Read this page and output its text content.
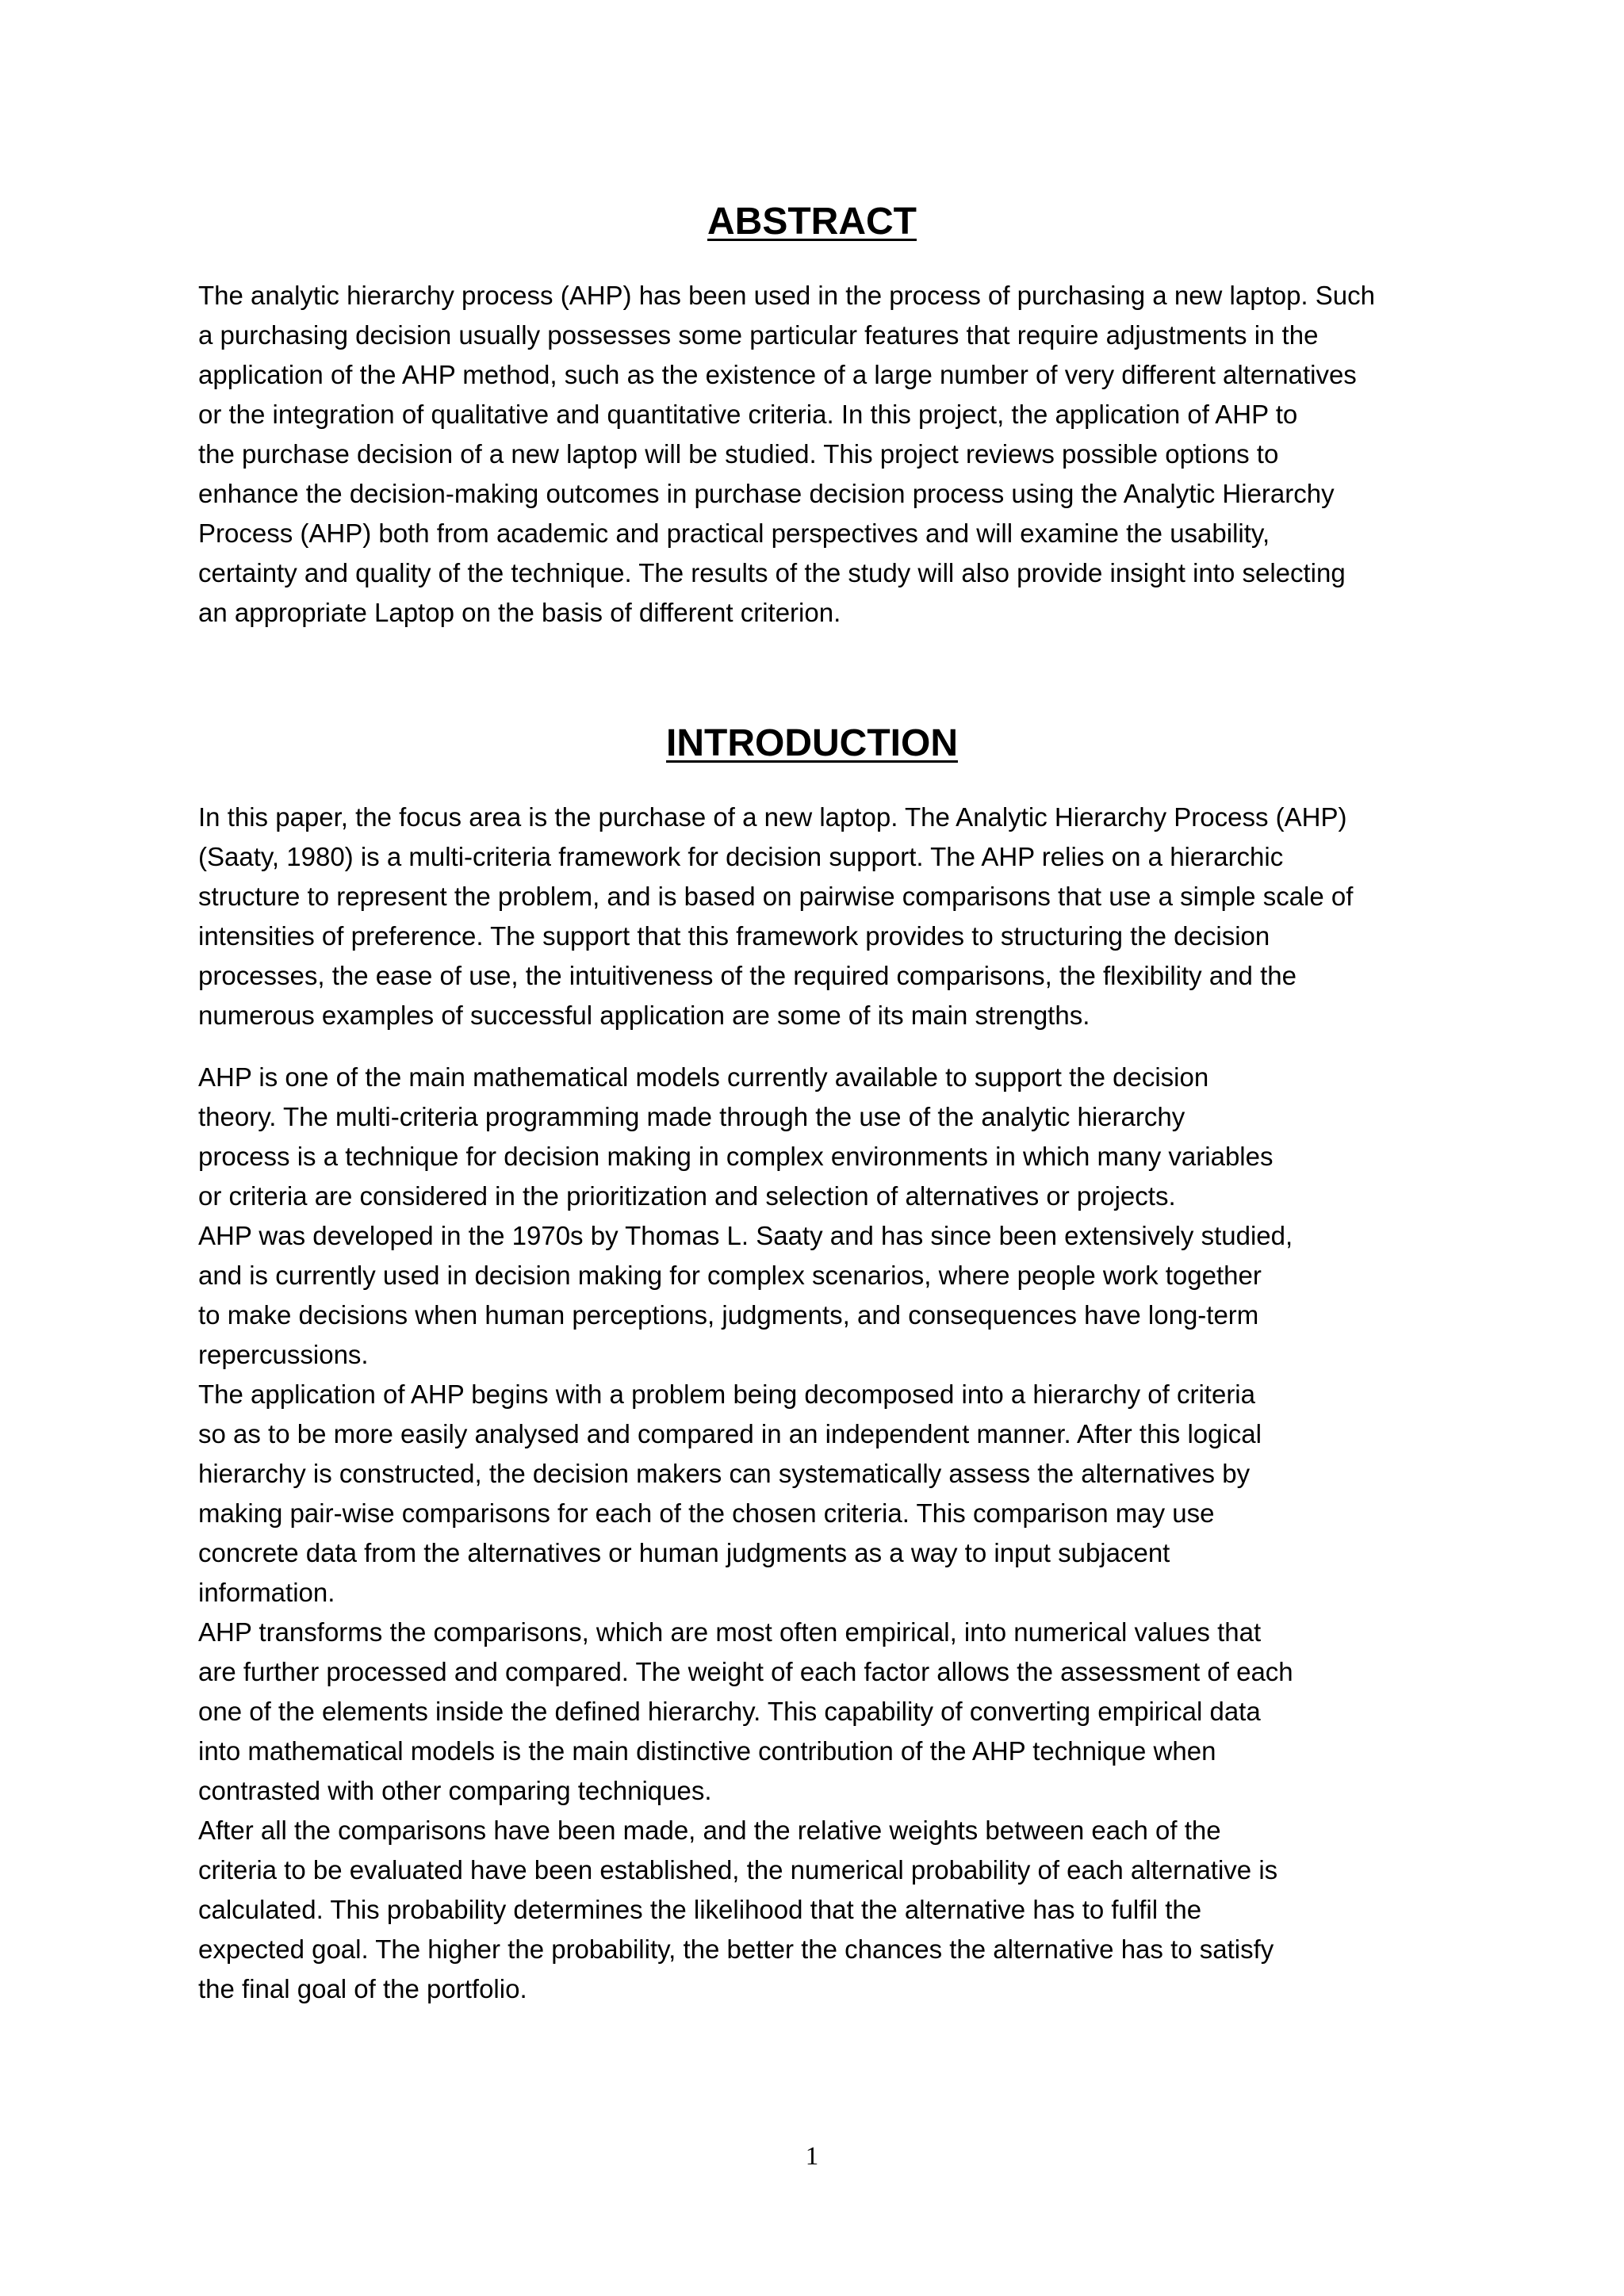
ABSTRACT
The analytic hierarchy process (AHP) has been used in the process of purchasing a new laptop. Such
a purchasing decision usually possesses some particular features that require adjustments in the
application of the AHP method, such as the existence of a large number of very different alternatives
or the integration of qualitative and quantitative criteria. In this project, the application of AHP to
the purchase decision of a new laptop will be studied. This project reviews possible options to
enhance the decision-making outcomes in purchase decision process using the Analytic Hierarchy
Process (AHP) both from academic and practical perspectives and will examine the usability,
certainty and quality of the technique. The results of the study will also provide insight into selecting
an appropriate Laptop on the basis of different criterion.
INTRODUCTION
In this paper, the focus area is the purchase of a new laptop. The Analytic Hierarchy Process (AHP)
(Saaty, 1980) is a multi-criteria framework for decision support. The AHP relies on a hierarchic
structure to represent the problem, and is based on pairwise comparisons that use a simple scale of
intensities of preference. The support that this framework provides to structuring the decision
processes, the ease of use, the intuitiveness of the required comparisons, the flexibility and the
numerous examples of successful application are some of its main strengths.
AHP is one of the main mathematical models currently available to support the decision
theory. The multi-criteria programming made through the use of the analytic hierarchy
process is a technique for decision making in complex environments in which many variables
or criteria are considered in the prioritization and selection of alternatives or projects.
AHP was developed in the 1970s by Thomas L. Saaty and has since been extensively studied,
and is currently used in decision making for complex scenarios, where people work together
to make decisions when human perceptions, judgments, and consequences have long-term
repercussions.
The application of AHP begins with a problem being decomposed into a hierarchy of criteria
so as to be more easily analysed and compared in an independent manner. After this logical
hierarchy is constructed, the decision makers can systematically assess the alternatives by
making pair-wise comparisons for each of the chosen criteria. This comparison may use
concrete data from the alternatives or human judgments as a way to input subjacent
information.
AHP transforms the comparisons, which are most often empirical, into numerical values that
are further processed and compared. The weight of each factor allows the assessment of each
one of the elements inside the defined hierarchy. This capability of converting empirical data
into mathematical models is the main distinctive contribution of the AHP technique when
contrasted with other comparing techniques.
After all the comparisons have been made, and the relative weights between each of the
criteria to be evaluated have been established, the numerical probability of each alternative is
calculated. This probability determines the likelihood that the alternative has to fulfil the
expected goal. The higher the probability, the better the chances the alternative has to satisfy
the final goal of the portfolio.
1
